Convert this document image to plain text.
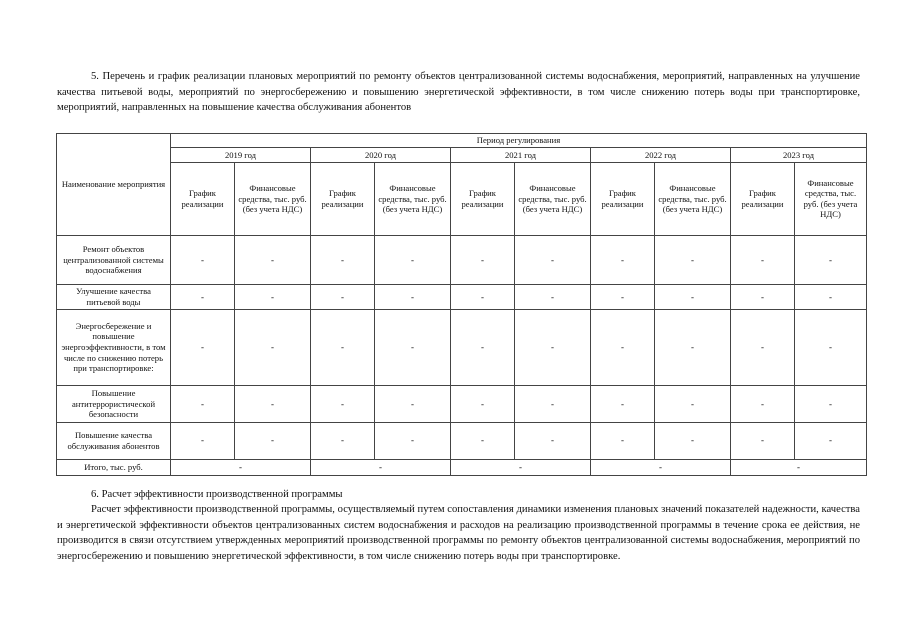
5. Перечень и график реализации плановых мероприятий по ремонту объектов централизованной системы водоснабжения, мероприятий, направленных на улучшение качества питьевой воды, мероприятий по энергосбережению и повышению энергетической эффективности, в том числе снижению потерь воды при транспортировке, мероприятий, направленных на повышение качества обслуживания абонентов

Наименование мероприятия	Период регулирования									
	2019 год		2020 год		2021 год		2022 год		2023 год	
	График реализации	Финансовые средства, тыс. руб. (без учета НДС)	График реализации	Финансовые средства, тыс. руб. (без учета НДС)	График реализации	Финансовые средства, тыс. руб. (без учета НДС)	График реализации	Финансовые средства, тыс. руб. (без учета НДС)	График реализации	Финансовые средства, тыс. руб. (без учета НДС)
Ремонт объектов централизованной системы водоснабжения	-	-	-	-	-	-	-	-	-	-
Улучшение качества питьевой воды	-	-	-	-	-	-	-	-	-	-
Энергосбережение и повышение энергоэффективности, в том числе по снижению потерь при транспортировке:	-	-	-	-	-	-	-	-	-	-
Повышение антитеррористической безопасности	-	-	-	-	-	-	-	-	-	-
Повышение качества обслуживания абонентов	-	-	-	-	-	-	-	-	-	-
Итого, тыс. руб.	-		-		-		-		-	

6. Расчет эффективности производственной программы

Расчет эффективности производственной программы, осуществляемый путем сопоставления динамики изменения плановых значений показателей надежности, качества и энергетической эффективности объектов централизованных систем водоснабжения и расходов на реализацию производственной программы в течение срока ее действия, не производится в связи отсутствием утвержденных мероприятий производственной программы по ремонту объектов централизованной системы водоснабжения, мероприятий по энергосбережению и повышению энергетической эффективности, в том числе снижению потерь воды при транспортировке.
